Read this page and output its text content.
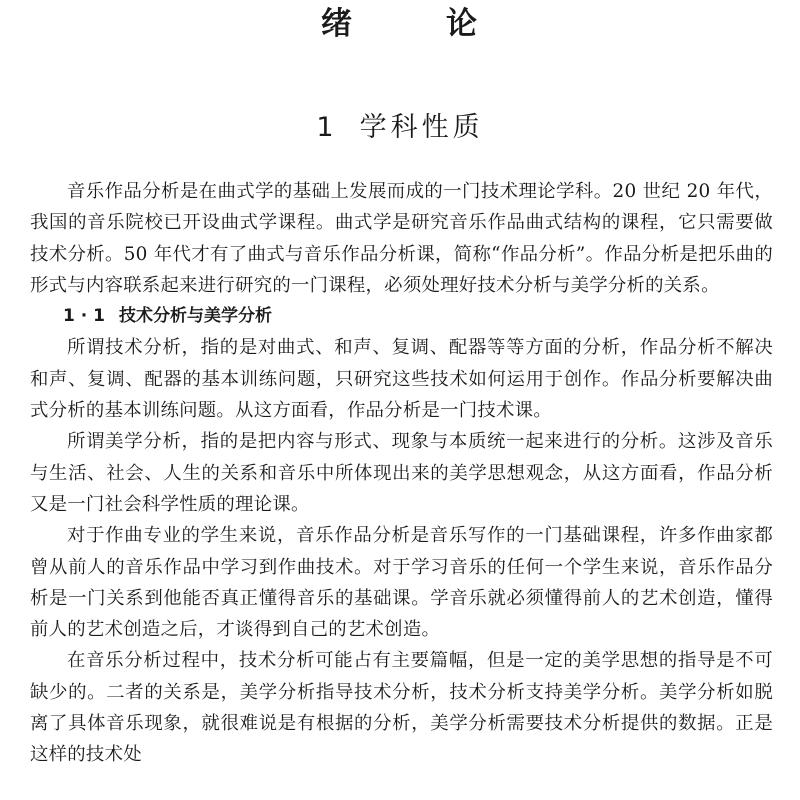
绪	论
1 学科性质

音乐作品分析是在曲式学的基础上发展而成的一门技术理论学科。20 世纪 20 年代，我国的音乐院校已开设曲式学课程。曲式学是研究音乐作品曲式结构的课程，它只需要做技术分析。50 年代才有了曲式与音乐作品分析课，简称“作品分析”。作品分析是把乐曲的形式与内容联系起来进行研究的一门课程，必须处理好技术分析与美学分析的关系。

1 · 1 技术分析与美学分析

所谓技术分析，指的是对曲式、和声、复调、配器等等方面的分析，作品分析不解决和声、复调、配器的基本训练问题，只研究这些技术如何运用于创作。作品分析要解决曲式分析的基本训练问题。从这方面看，作品分析是一门技术课。

所谓美学分析，指的是把内容与形式、现象与本质统一起来进行的分析。这涉及音乐与生活、社会、人生的关系和音乐中所体现出来的美学思想观念，从这方面看，作品分析又是一门社会科学性质的理论课。

对于作曲专业的学生来说，音乐作品分析是音乐写作的一门基础课程，许多作曲家都曾从前人的音乐作品中学习到作曲技术。对于学习音乐的任何一个学生来说，音乐作品分析是一门关系到他能否真正懂得音乐的基础课。学音乐就必须懂得前人的艺术创造，懂得前人的艺术创造之后，才谈得到自己的艺术创造。

在音乐分析过程中，技术分析可能占有主要篇幅，但是一定的美学思想的指导是不可缺少的。二者的关系是，美学分析指导技术分析，技术分析支持美学分析。美学分析如脱离了具体音乐现象，就很难说是有根据的分析，美学分析需要技术分析提供的数据。正是这样的技术处
